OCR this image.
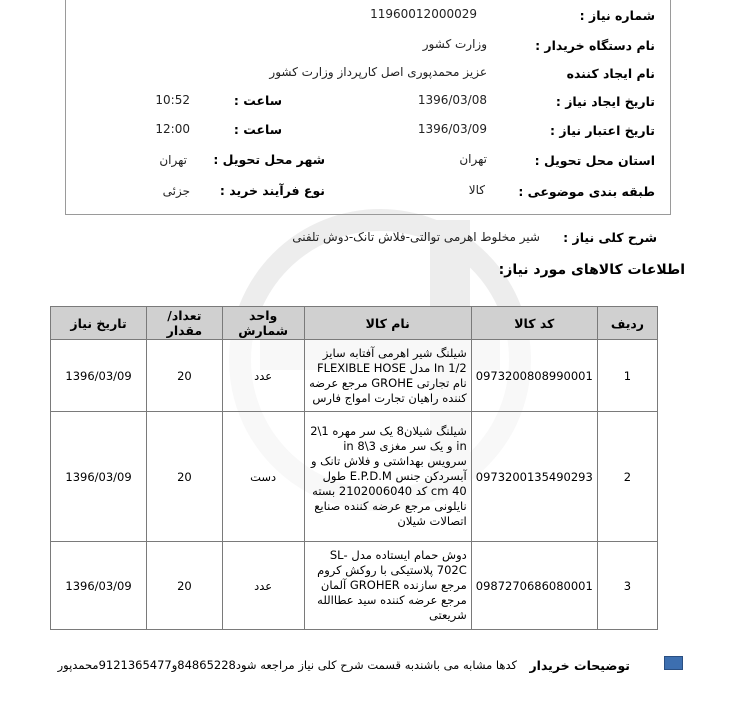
شماره نیاز :
11960012000029
نام دستگاه خریدار :
وزارت کشور
نام ایجاد کننده
عزیز محمدپوری اصل کارپرداز وزارت کشور
تاریخ ایجاد نیاز :
1396/03/08
ساعت :
10:52
تاریخ اعتبار نیاز :
1396/03/09
ساعت :
12:00
استان محل تحویل :
تهران
شهر محل تحویل :
تهران
طبقه بندی موضوعی :
کالا
نوع فرآیند خرید :
جزئی
شرح کلی نیاز :
شیر مخلوط اهرمی توالتی-فلاش تانک-دوش تلفنی
اطلاعات کالاهای مورد نیاز:
ردیف	کد کالا	نام کالا	واحد شمارش	تعداد/ مقدار	تاریخ نیاز
1	0973200808990001	شیلنگ شیر اهرمی آفتابه سایز In 1/2 مدل FLEXIBLE HOSE نام تجارتی GROHE مرجع عرضه کننده راهیان تجارت امواج فارس	عدد	20	1396/03/09
2	0973200135490293	شیلنگ شیلان8 یک سر مهره 1\2 in و یک سر مغزی 3\8 in سرویس بهداشتی و فلاش تانک و آبسردکن جنس E.P.D.M طول 40 cm کد 2102006040 بسته نایلونی مرجع عرضه کننده صنایع اتصالات شیلان	دست	20	1396/03/09
3	0987270686080001	دوش حمام ایستاده مدل -SL 702C پلاستیکی با روکش کروم مرجع سازنده GROHER آلمان مرجع عرضه کننده سید عطاالله شریعتی	عدد	20	1396/03/09
توضیحات خریدار
کدها مشابه می باشندبه قسمت شرح کلی نیاز مراجعه شود84865228و9121365477محمدپور
